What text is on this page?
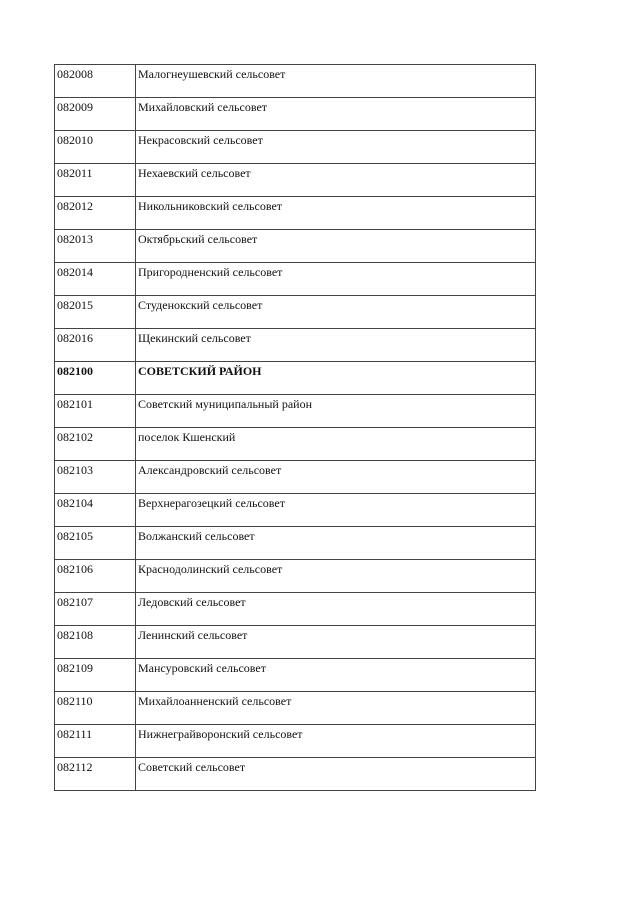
082008	Малогнеушевский сельсовет
082009	Михайловский сельсовет
082010	Некрасовский сельсовет
082011	Нехаевский сельсовет
082012	Никольниковский сельсовет
082013	Октябрьский сельсовет
082014	Пригородненский сельсовет
082015	Студенокский сельсовет
082016	Щекинский сельсовет
082100	СОВЕТСКИЙ РАЙОН
082101	Советский муниципальный район
082102	поселок Кшенский
082103	Александровский сельсовет
082104	Верхнерагозецкий сельсовет
082105	Волжанский сельсовет
082106	Краснодолинский сельсовет
082107	Ледовский сельсовет
082108	Ленинский сельсовет
082109	Мансуровский сельсовет
082110	Михайлоанненский сельсовет
082111	Нижнеграйворонский сельсовет
082112	Советский сельсовет
